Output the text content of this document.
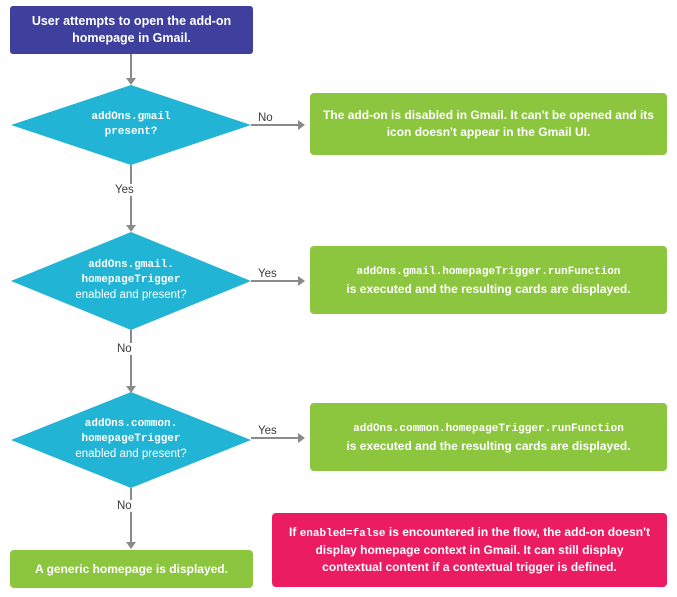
User attempts to open the add-on homepage in Gmail.
addOns.gmail
present?
No	The add-on is disabled in Gmail. It can't be opened and its icon doesn't appear in the Gmail UI.
Yes
addOns.gmail.
homepageTrigger
enabled and present?
Yes	addOns.gmail.homepageTrigger.runFunction
is executed and the resulting cards are displayed.
No
addOns.common.
homepageTrigger
enabled and present?
Yes	addOns.common.homepageTrigger.runFunction
is executed and the resulting cards are displayed.
No
A generic homepage is displayed.
If enabled=false is encountered in the flow, the add-on doesn't display homepage context in Gmail. It can still display contextual content if a contextual trigger is defined.
